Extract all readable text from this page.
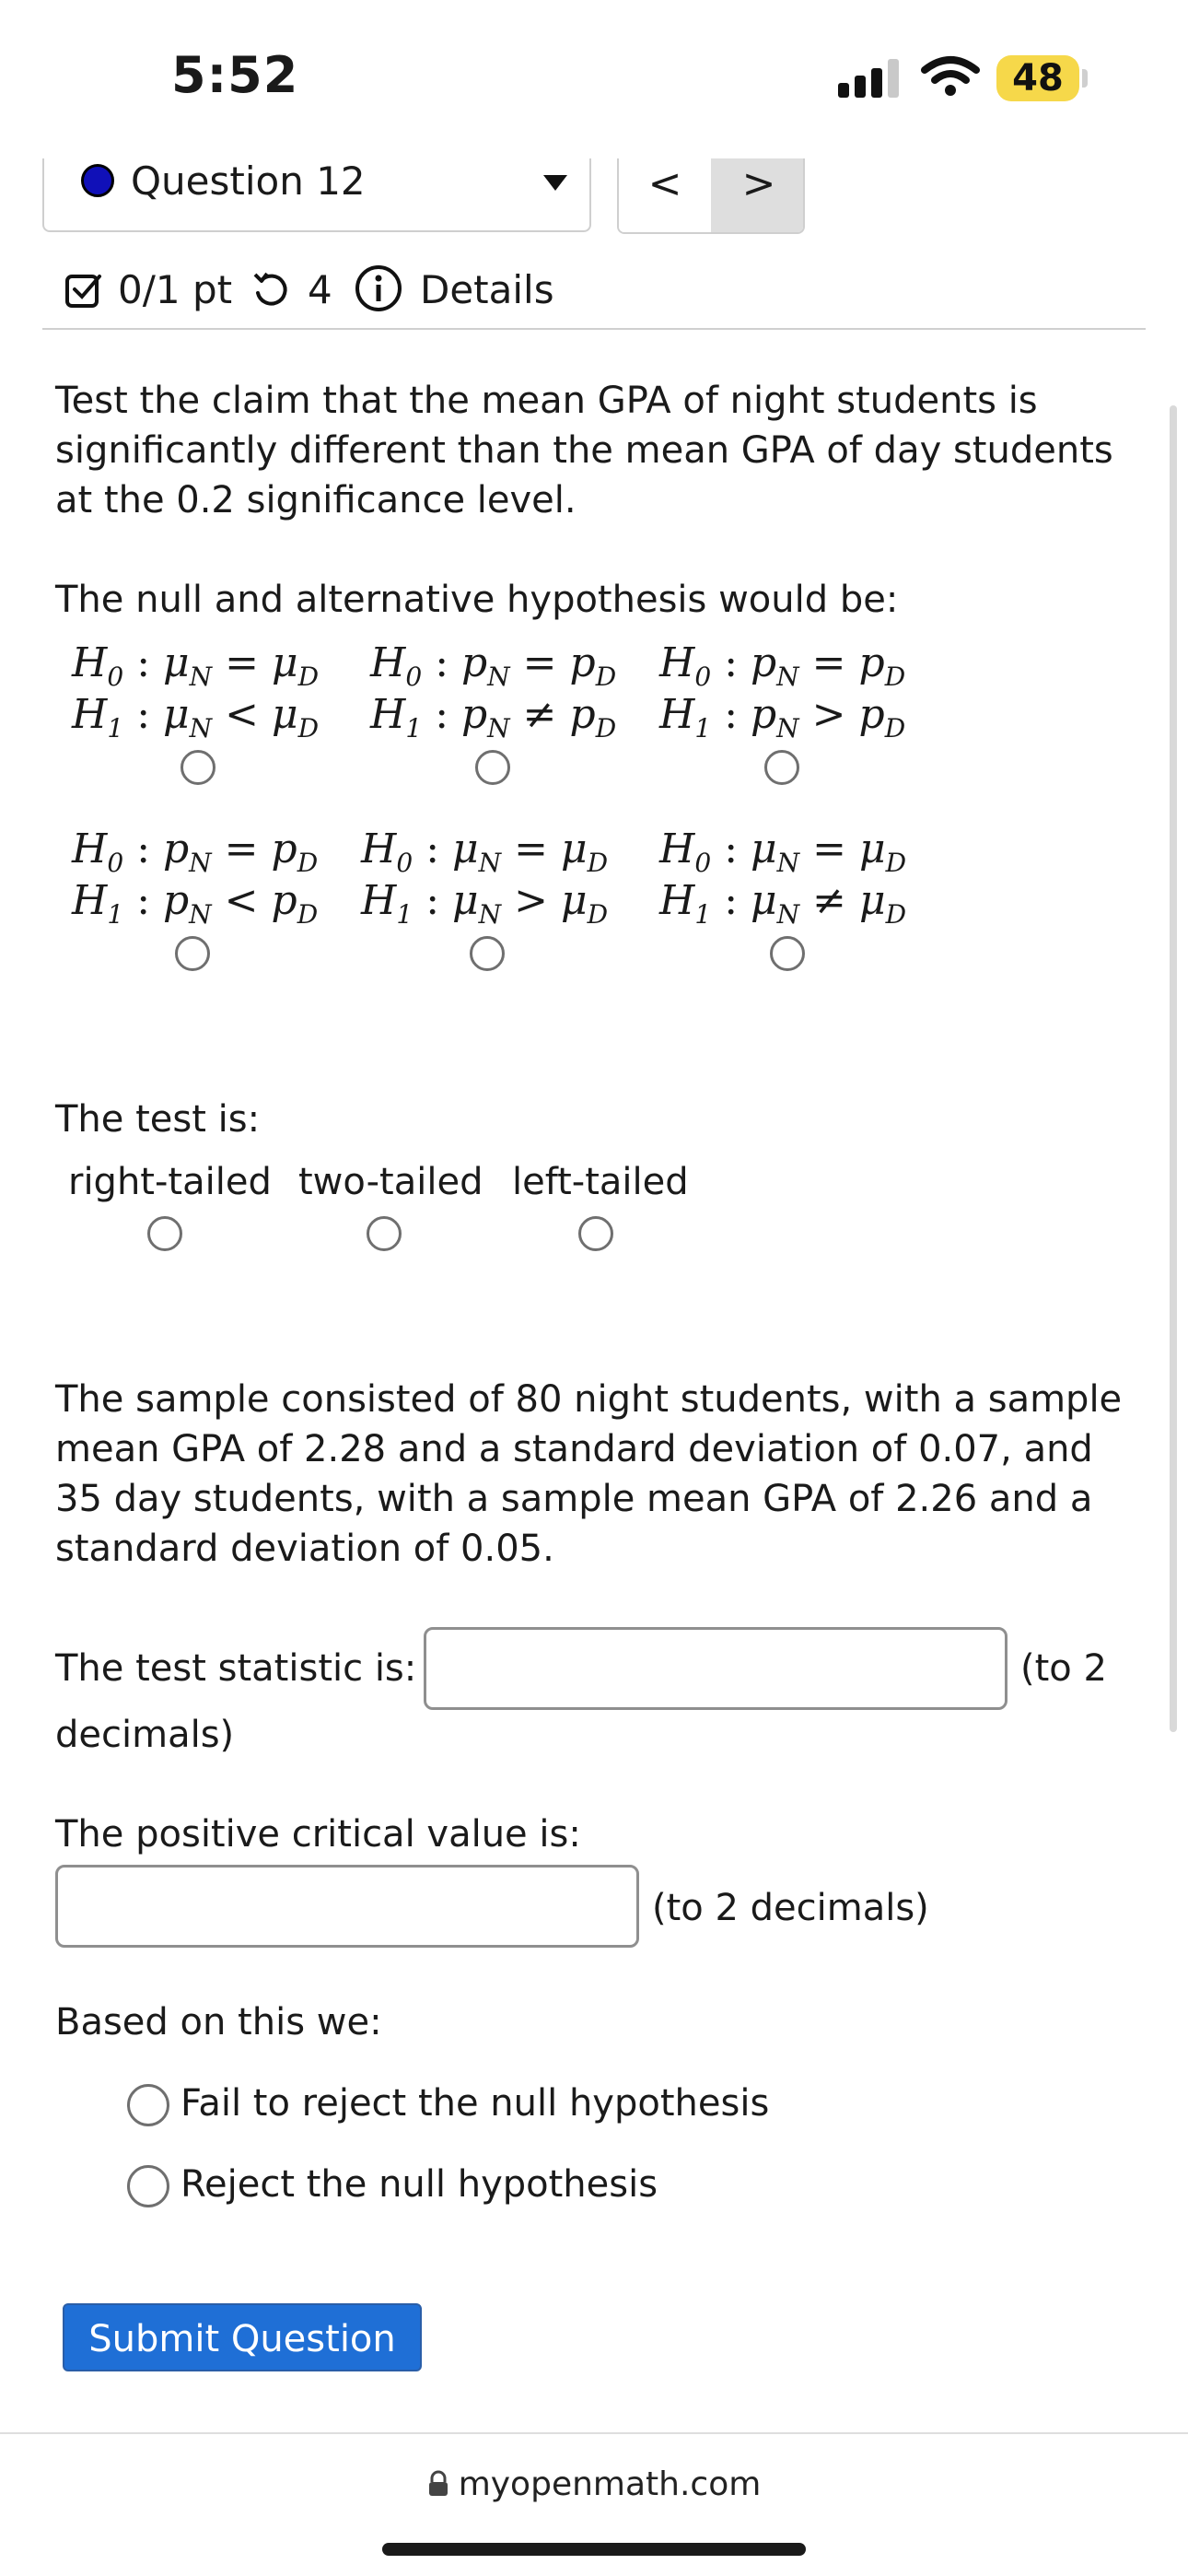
5:52	48
Question 12	<	>
0/1 pt 4 Details
Test the claim that the mean GPA of night students is significantly different than the mean GPA of day students at the 0.2 significance level.
The null and alternative hypothesis would be:
$H_0$ : $\mu_N = \mu_D$
$H_1$ : $\mu_N < \mu_D$
$H_0$ : $p_N = p_D$
$H_1$ : $p_N \ne p_D$
$H_0$ : $p_N = p_D$
$H_1$ : $p_N > p_D$
$H_0$ : $p_N = p_D$
$H_1$ : $p_N < p_D$
$H_0$ : $\mu_N = \mu_D$
$H_1$ : $\mu_N > \mu_D$
$H_0$ : $\mu_N = \mu_D$
$H_1$ : $\mu_N \ne \mu_D$
The test is:
right-tailed two-tailed left-tailed
The sample consisted of 80 night students, with a sample mean GPA of 2.28 and a standard deviation of 0.07, and 35 day students, with a sample mean GPA of 2.26 and a standard deviation of 0.05.
The test statistic is:	(to 2
decimals)
The positive critical value is:
(to 2 decimals)
Based on this we:
Fail to reject the null hypothesis
Reject the null hypothesis
Submit Question
myopenmath.com
